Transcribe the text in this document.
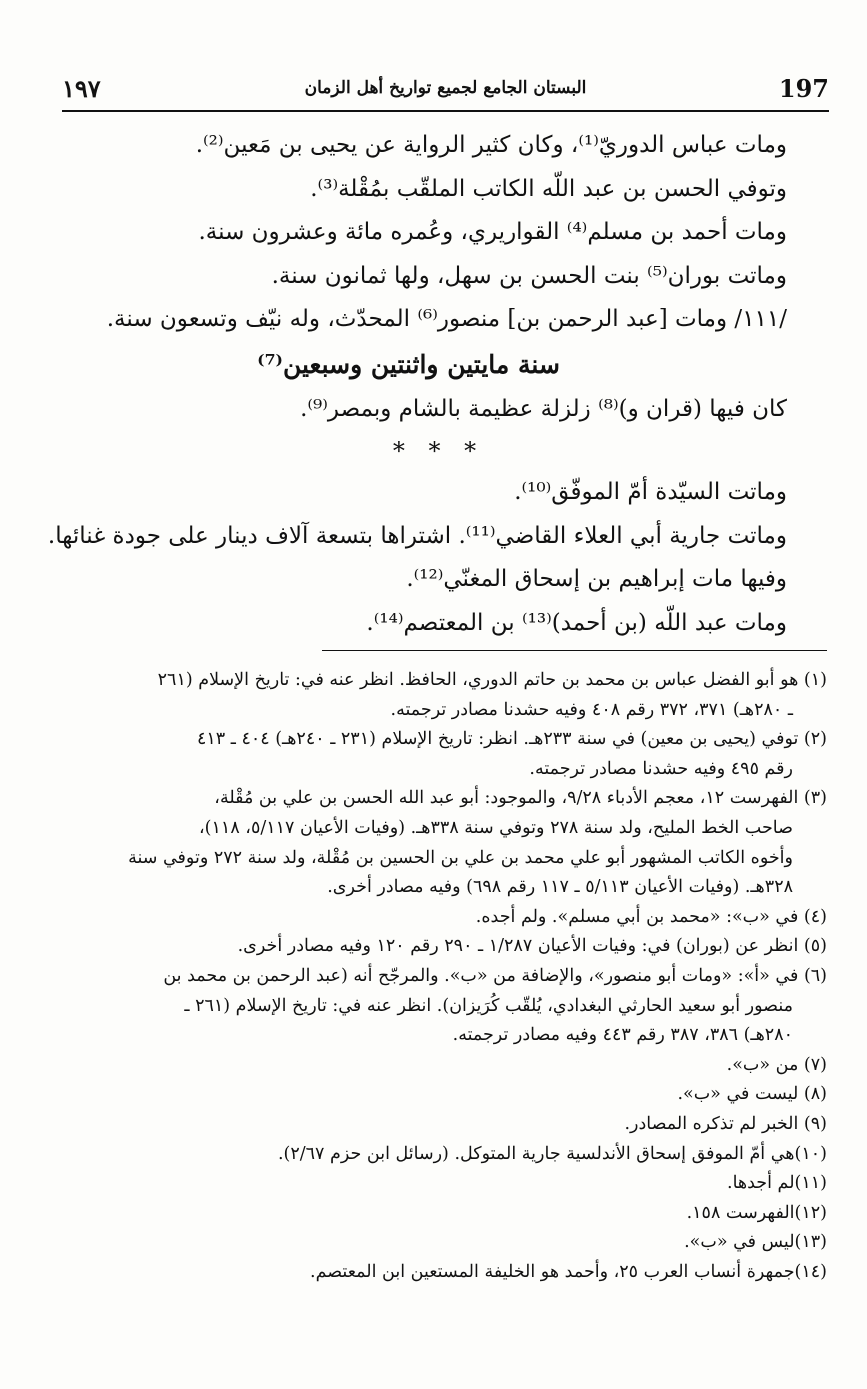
١٩٧	البستان الجامع لجميع تواريخ أهل الزمان	197
ومات عباس الدوريّ⁽¹⁾، وكان كثير الرواية عن يحيى بن مَعين⁽²⁾.
وتوفي الحسن بن عبد اللّه الكاتب الملقّب بمُقْلة⁽³⁾.
ومات أحمد بن مسلم⁽⁴⁾ القواريري، وعُمره مائة وعشرون سنة.
وماتت بوران⁽⁵⁾ بنت الحسن بن سهل، ولها ثمانون سنة.
/١١١/ ومات [عبد الرحمن بن] منصور⁽⁶⁾ المحدّث، وله نيّف وتسعون سنة.
سنة مايتين واثنتين وسبعين⁽⁷⁾
كان فيها (قران و)⁽⁸⁾ زلزلة عظيمة بالشام وبمصر⁽⁹⁾.
* * *
وماتت السيّدة أمّ الموفّق⁽¹⁰⁾.
وماتت جارية أبي العلاء القاضي⁽¹¹⁾. اشتراها بتسعة آلاف دينار على جودة غنائها.
وفيها مات إبراهيم بن إسحاق المغنّي⁽¹²⁾.
ومات عبد اللّه (بن أحمد)⁽¹³⁾ بن المعتصم⁽¹⁴⁾.
(١) هو أبو الفضل عباس بن محمد بن حاتم الدوري، الحافظ. انظر عنه في: تاريخ الإسلام (٢٦١
ـ ٢٨٠هـ) ٣٧١، ٣٧٢ رقم ٤٠٨ وفيه حشدنا مصادر ترجمته.
(٢) توفي (يحيى بن معين) في سنة ٢٣٣هـ. انظر: تاريخ الإسلام (٢٣١ ـ ٢٤٠هـ) ٤٠٤ ـ ٤١٣
رقم ٤٩٥ وفيه حشدنا مصادر ترجمته.
(٣) الفهرست ١٢، معجم الأدباء ٩/٢٨، والموجود: أبو عبد الله الحسن بن علي بن مُقْلة،
صاحب الخط المليح، ولد سنة ٢٧٨ وتوفي سنة ٣٣٨هـ. (وفيات الأعيان ٥/١١٧، ١١٨)،
وأخوه الكاتب المشهور أبو علي محمد بن علي بن الحسين بن مُقْلة، ولد سنة ٢٧٢ وتوفي سنة
٣٢٨هـ. (وفيات الأعيان ٥/١١٣ ـ ١١٧ رقم ٦٩٨) وفيه مصادر أخرى.
(٤) في «ب»: «محمد بن أبي مسلم». ولم أجده.
(٥) انظر عن (بوران) في: وفيات الأعيان ١/٢٨٧ ـ ٢٩٠ رقم ١٢٠ وفيه مصادر أخرى.
(٦) في «أ»: «ومات أبو منصور»، والإضافة من «ب». والمرجّح أنه (عبد الرحمن بن محمد بن
منصور أبو سعيد الحارثي البغدادي، يُلقّب كُرَيزان). انظر عنه في: تاريخ الإسلام (٢٦١ ـ
٢٨٠هـ) ٣٨٦، ٣٨٧ رقم ٤٤٣ وفيه مصادر ترجمته.
(٧) من «ب».
(٨) ليست في «ب».
(٩) الخبر لم تذكره المصادر.
(١٠)هي أمّ الموفق إسحاق الأندلسية جارية المتوكل. (رسائل ابن حزم ٢/٦٧).
(١١)لم أجدها.
(١٢)الفهرست ١٥٨.
(١٣)ليس في «ب».
(١٤)جمهرة أنساب العرب ٢٥، وأحمد هو الخليفة المستعين ابن المعتصم.
